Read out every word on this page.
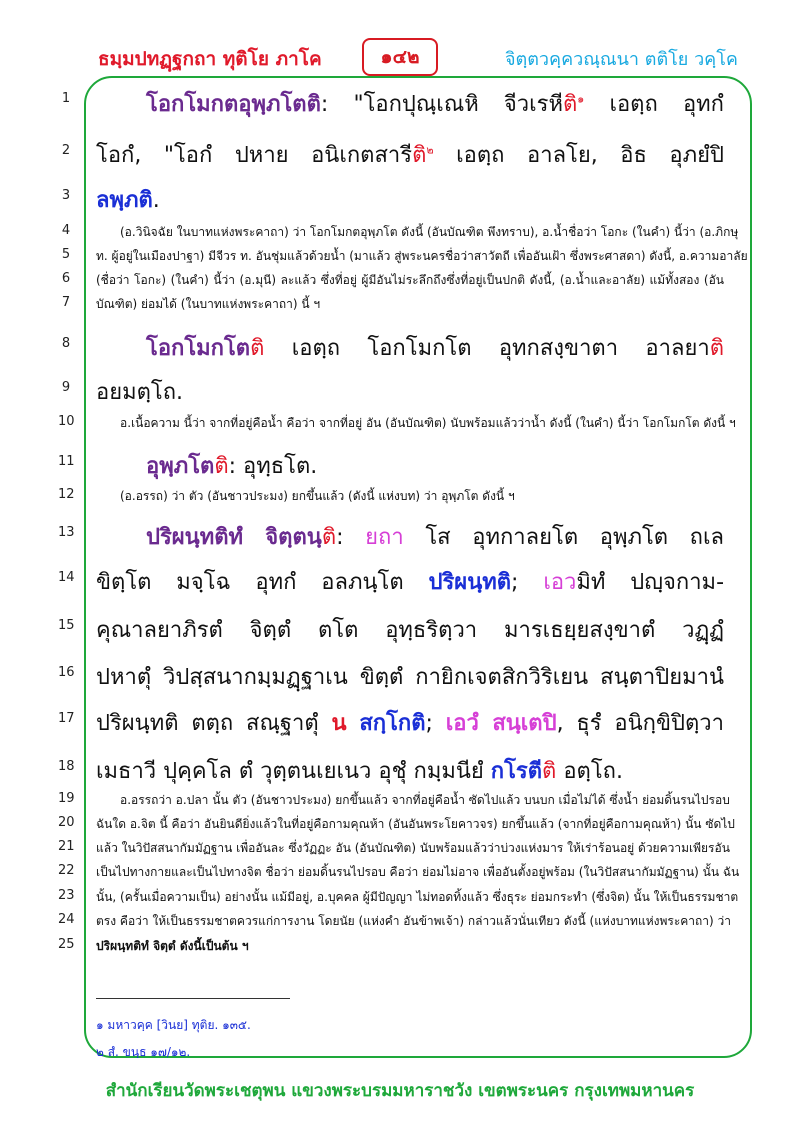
ธมฺมปทฏฺฐกถา ทุติโย ภาโค	๑๔๒	จิตฺตวคฺควณฺณนา ตติโย วคฺโค
1
2
3
4
5
6
7
8
9
10
11
12
13
14
15
16
17
18
19
20
21
22
23
24
25
โอกโมกตอุพฺภโตติ: "โอกปุณฺเณหิ จีวเรหีติ$^๑$ เอตฺถ อุทกํ
โอกํ, "โอกํ ปหาย อนิเกตสารีติ$^๒$ เอตฺถ อาลโย, อิธ อุภยํปิ
ลพฺภติ.
(อ.วินิจฉัย ในบาทแห่งพระคาถา) ว่า โอกโมกตอุพฺภโต ดังนี้ (อันบัณฑิต พึงทราบ), อ.น้ำชื่อว่า โอกะ (ในคำ) นี้ว่า (อ.ภิกษุ
ท. ผู้อยู่ในเมืองปาฐา) มีจีวร ท. อันชุ่มแล้วด้วยน้ำ (มาแล้ว สู่พระนครชื่อว่าสาวัตถี เพื่ออันเฝ้า ซึ่งพระศาสดา) ดังนี้, อ.ความอาลัย
(ชื่อว่า โอกะ) (ในคำ) นี้ว่า (อ.มุนี) ละแล้ว ซึ่งที่อยู่ ผู้มีอันไม่ระลึกถึงซึ่งที่อยู่เป็นปกติ ดังนี้, (อ.น้ำและอาลัย) แม้ทั้งสอง (อัน
บัณฑิต) ย่อมได้ (ในบาทแห่งพระคาถา) นี้ ฯ
โอกโมกโตติ เอตฺถ โอกโมกโต อุทกสงฺขาตา อาลยาติ
อยมตฺโถ.
อ.เนื้อความ นี้ว่า จากที่อยู่คือน้ำ คือว่า จากที่อยู่ อัน (อันบัณฑิต) นับพร้อมแล้วว่าน้ำ ดังนี้ (ในคำ) นี้ว่า โอกโมกโต ดังนี้ ฯ
อุพฺภโตติ: อุทฺธโต.
(อ.อรรถ) ว่า ตัว (อันชาวประมง) ยกขึ้นแล้ว (ดังนี้ แห่งบท) ว่า อุพฺภโต ดังนี้ ฯ
ปริผนฺทติทํ จิตฺตนฺติ: ยถา โส อุทกาลยโต อุพฺภโต ถเล
ขิตฺโต มจฺโฉ อุทกํ อลภนฺโต ปริผนฺทติ; เอวมิทํ ปญฺจกาม-
คุณาลยาภิรตํ จิตฺตํ ตโต อุทฺธริตฺวา มารเธยฺยสงฺขาตํ วฏฺฏํ
ปหาตุํ วิปสฺสนากมฺมฏฺฐาเน ขิตฺตํ กายิกเจตสิกวิริเยน สนฺตาปิยมานํ
ปริผนฺทติ ตตฺถ สณฺฐาตุํ น สกฺโกติ; เอวํ สนฺเตปิ, ธุรํ อนิกฺขิปิตฺวา
เมธาวี ปุคฺคโล ตํ วุตฺตนเยเนว อุชุํ กมฺมนียํ กโรตีติ อตฺโถ.
อ.อรรถว่า อ.ปลา นั้น ตัว (อันชาวประมง) ยกขึ้นแล้ว จากที่อยู่คือน้ำ ซัดไปแล้ว บนบก เมื่อไม่ได้ ซึ่งน้ำ ย่อมดิ้นรนไปรอบ
ฉันใด อ.จิต นี้ คือว่า อันยินดียิ่งแล้วในที่อยู่คือกามคุณห้า (อันอันพระโยคาวจร) ยกขึ้นแล้ว (จากที่อยู่คือกามคุณห้า) นั้น ซัดไป
แล้ว ในวิปัสสนากัมมัฏฐาน เพื่ออันละ ซึ่งวัฏฏะ อัน (อันบัณฑิต) นับพร้อมแล้วว่าบ่วงแห่งมาร ให้เร่าร้อนอยู่ ด้วยความเพียรอัน
เป็นไปทางกายและเป็นไปทางจิต ชื่อว่า ย่อมดิ้นรนไปรอบ คือว่า ย่อมไม่อาจ เพื่ออันตั้งอยู่พร้อม (ในวิปัสสนากัมมัฏฐาน) นั้น ฉัน
นั้น, (ครั้นเมื่อความเป็น) อย่างนั้น แม้มีอยู่, อ.บุคคล ผู้มีปัญญา ไม่ทอดทิ้งแล้ว ซึ่งธุระ ย่อมกระทำ (ซึ่งจิต) นั้น ให้เป็นธรรมชาต
ตรง คือว่า ให้เป็นธรรมชาตควรแก่การงาน โดยนัย (แห่งคำ อันข้าพเจ้า) กล่าวแล้วนั่นเทียว ดังนี้ (แห่งบาทแห่งพระคาถา) ว่า
ปริผนฺทติทํ จิตฺตํ ดังนี้เป็นต้น ฯ
๑ มหาวคฺค [วินย] ทุติย. ๑๓๕.
๒ สํ. ขนฺธ ๑๗/๑๒.
สำนักเรียนวัดพระเชตุพน แขวงพระบรมมหาราชวัง เขตพระนคร กรุงเทพมหานคร
